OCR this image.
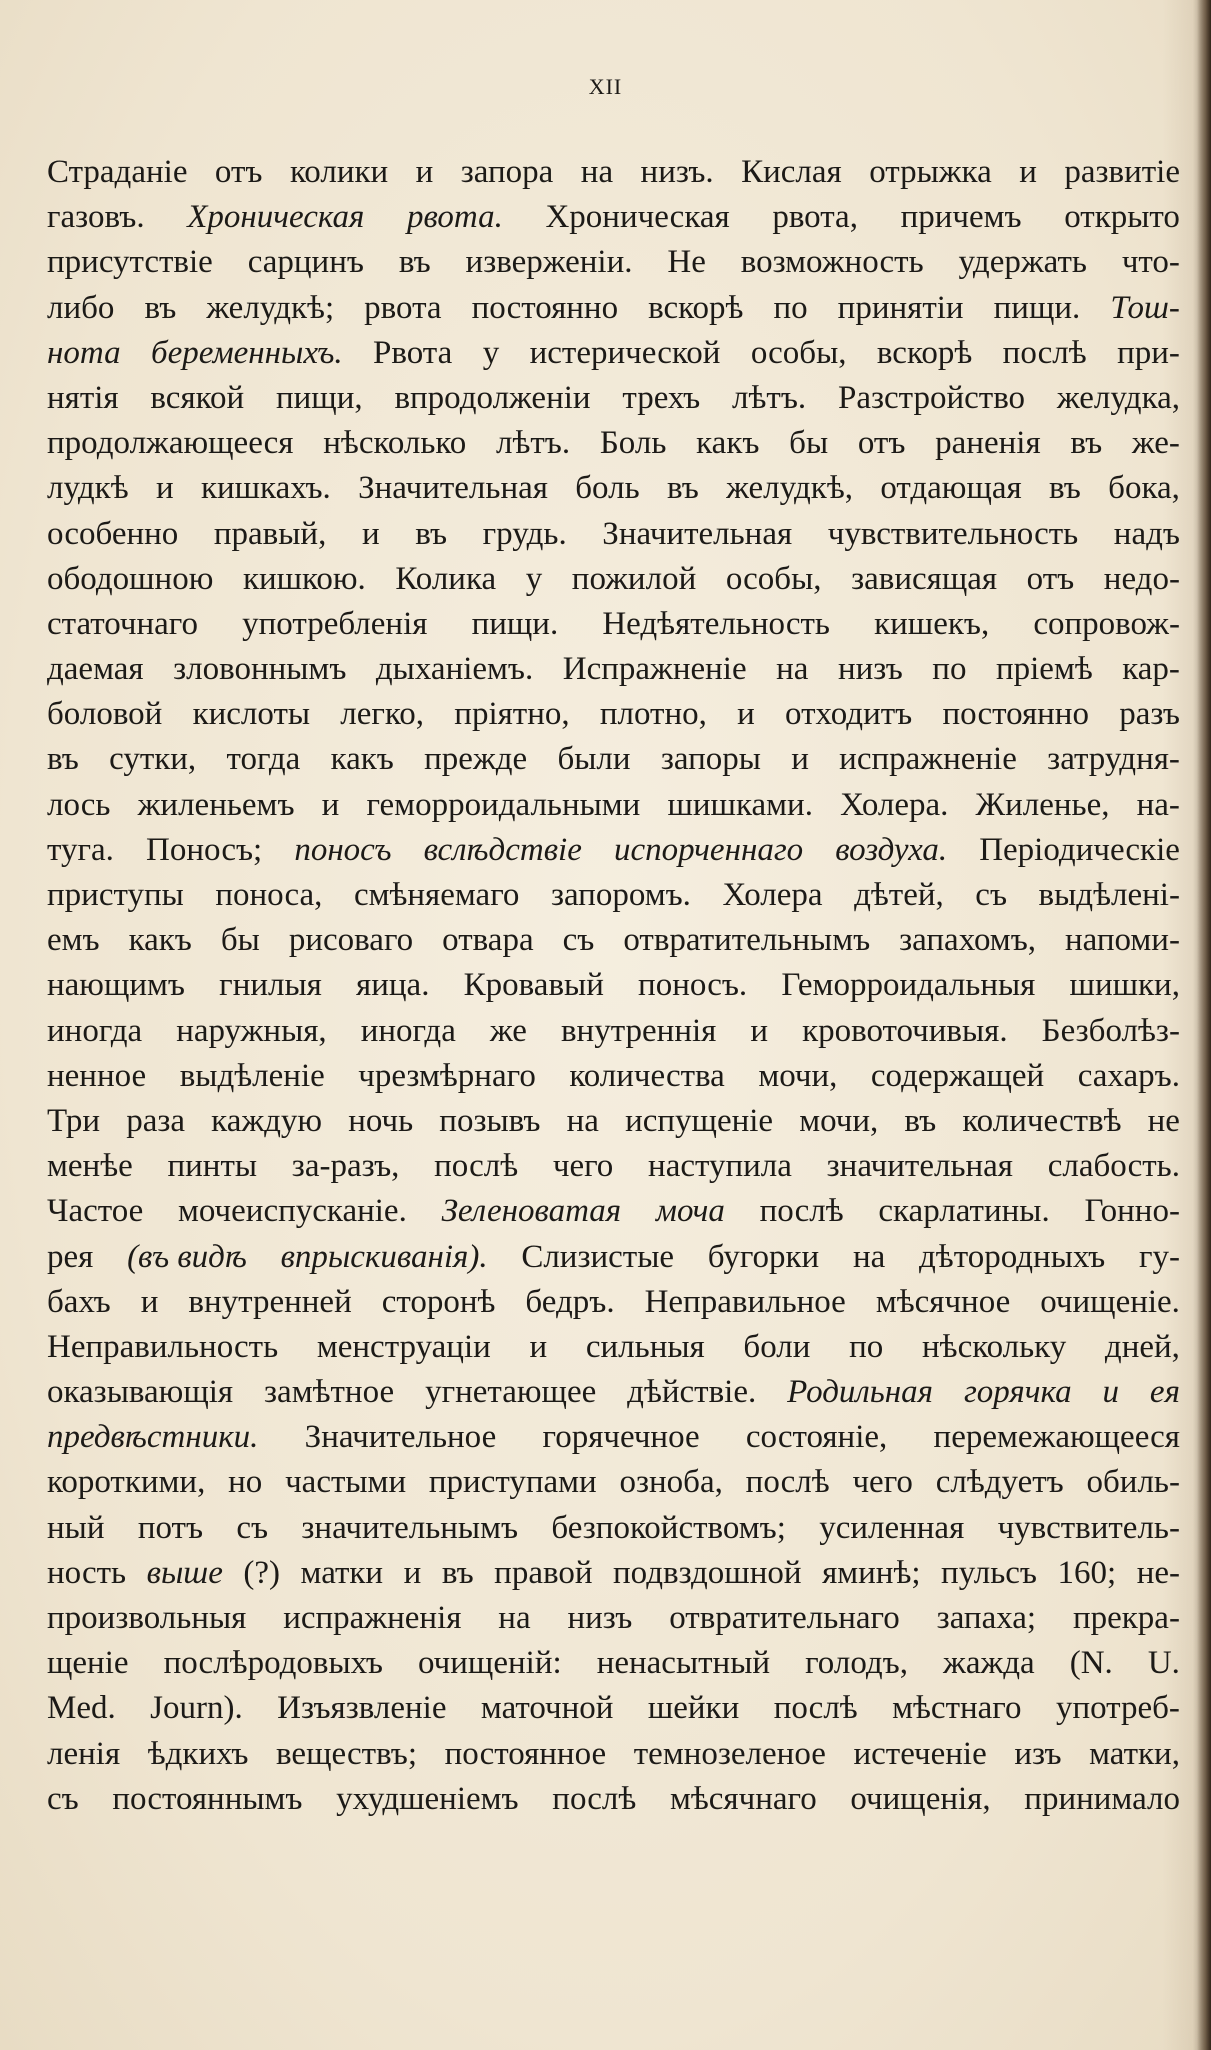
XII
Страданіе отъ колики и запора на низъ. Кислая отрыжка и развитіе
газовъ. Хроническая рвота. Хроническая рвота, причемъ открыто
присутствіе сарцинъ въ изверженіи. Не возможность удержать что-
либо въ желудкѣ; рвота постоянно вскорѣ по принятіи пищи. Тош-
нота беременныхъ. Рвота у истерической особы, вскорѣ послѣ при-
нятія всякой пищи, впродолженіи трехъ лѣтъ. Разстройство желудка,
продолжающееся нѣсколько лѣтъ. Боль какъ бы отъ раненія въ же-
лудкѣ и кишкахъ. Значительная боль въ желудкѣ, отдающая въ бока,
особенно правый, и въ грудь. Значительная чувствительность надъ
ободошною кишкою. Колика у пожилой особы, зависящая отъ недо-
статочнаго употребленія пищи. Недѣятельность кишекъ, сопровож-
даемая зловоннымъ дыханіемъ. Испражненіе на низъ по пріемѣ кар-
боловой кислоты легко, пріятно, плотно, и отходитъ постоянно разъ
въ сутки, тогда какъ прежде были запоры и испражненіе затрудня-
лось жиленьемъ и геморроидальными шишками. Холера. Жиленье, на-
туга. Поносъ; поносъ вслѣдствіе испорченнаго воздуха. Періодическіе
приступы поноса, смѣняемаго запоромъ. Холера дѣтей, съ выдѣлені-
емъ какъ бы рисоваго отвара съ отвратительнымъ запахомъ, напоми-
нающимъ гнилыя яица. Кровавый поносъ. Геморроидальныя шишки,
иногда наружныя, иногда же внутреннія и кровоточивыя. Безболѣз-
ненное выдѣленіе чрезмѣрнаго количества мочи, содержащей сахаръ.
Три раза каждую ночь позывъ на испущеніе мочи, въ количествѣ не
менѣе пинты за-разъ, послѣ чего наступила значительная слабость.
Частое мочеиспусканіе. Зеленоватая моча послѣ скарлатины. Гонно-
рея (въ видѣ впрыскиванія). Слизистые бугорки на дѣтородныхъ гу-
бахъ и внутренней сторонѣ бедръ. Неправильное мѣсячное очищеніе.
Неправильность менструаціи и сильныя боли по нѣскольку дней,
оказывающія замѣтное угнетающее дѣйствіе. Родильная горячка и ея
предвѣстники. Значительное горячечное состояніе, перемежающееся
короткими, но частыми приступами озноба, послѣ чего слѣдуетъ обиль-
ный потъ съ значительнымъ безпокойствомъ; усиленная чувствитель-
ность выше (?) матки и въ правой подвздошной яминѣ; пульсъ 160; не-
произвольныя испражненія на низъ отвратительнаго запаха; прекра-
щеніе послѣродовыхъ очищеній: ненасытный голодъ, жажда (N. U.
Med. Journ). Изъязвленіе маточной шейки послѣ мѣстнаго употреб-
ленія ѣдкихъ веществъ; постоянное темнозеленое истеченіе изъ матки,
съ постояннымъ ухудшеніемъ послѣ мѣсячнаго очищенія, принимало
